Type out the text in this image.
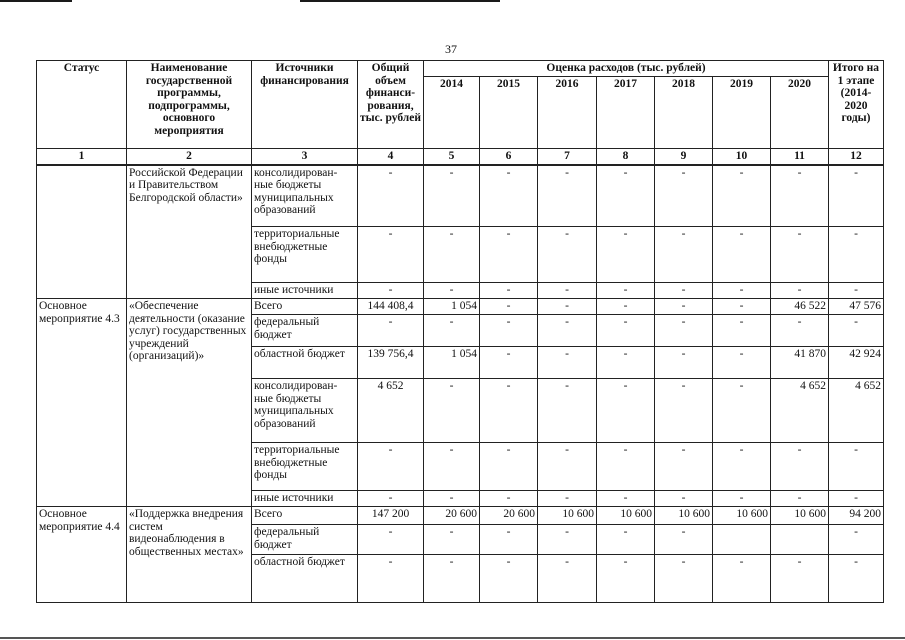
37
Статус	Наименование государственной программы, подпрограммы, основного мероприятия	Источники финансирования	Общий объем финанси-рования, тыс. рублей	Оценка расходов (тыс. рублей)							Итого на 1 этапе (2014-2020 годы)
				2014	2015	2016	2017	2018	2019	2020	
1	2	3	4	5	6	7	8	9	10	11	12
	Российской Федерации и Правительством Белгородской области»	консолидирован-ные бюджеты муниципальных образований	-	-	-	-	-	-	-	-	-
		территориальные внебюджетные фонды	-	-	-	-	-	-	-	-	-
		иные источники	-	-	-	-	-	-	-	-	-
Основное мероприятие 4.3	«Обеспечение деятельности (оказание услуг) государственных учреждений (организаций)»	Всего	144 408,4	1 054	-	-	-	-	-	46 522	47 576
		федеральный бюджет	-	-	-	-	-	-	-	-	-
		областной бюджет	139 756,4	1 054	-	-	-	-	-	41 870	42 924
		консолидирован-ные бюджеты муниципальных образований	4 652	-	-	-	-	-	-	4 652	4 652
		территориальные внебюджетные фонды	-	-	-	-	-	-	-	-	-
		иные источники	-	-	-	-	-	-	-	-	-
Основное мероприятие 4.4	«Поддержка внедрения систем видеонаблюдения в общественных местах»	Всего	147 200	20 600	20 600	10 600	10 600	10 600	10 600	10 600	94 200
		федеральный бюджет	-	-	-	-	-	-			-
		областной бюджет	-	-	-	-	-	-	-	-	-
